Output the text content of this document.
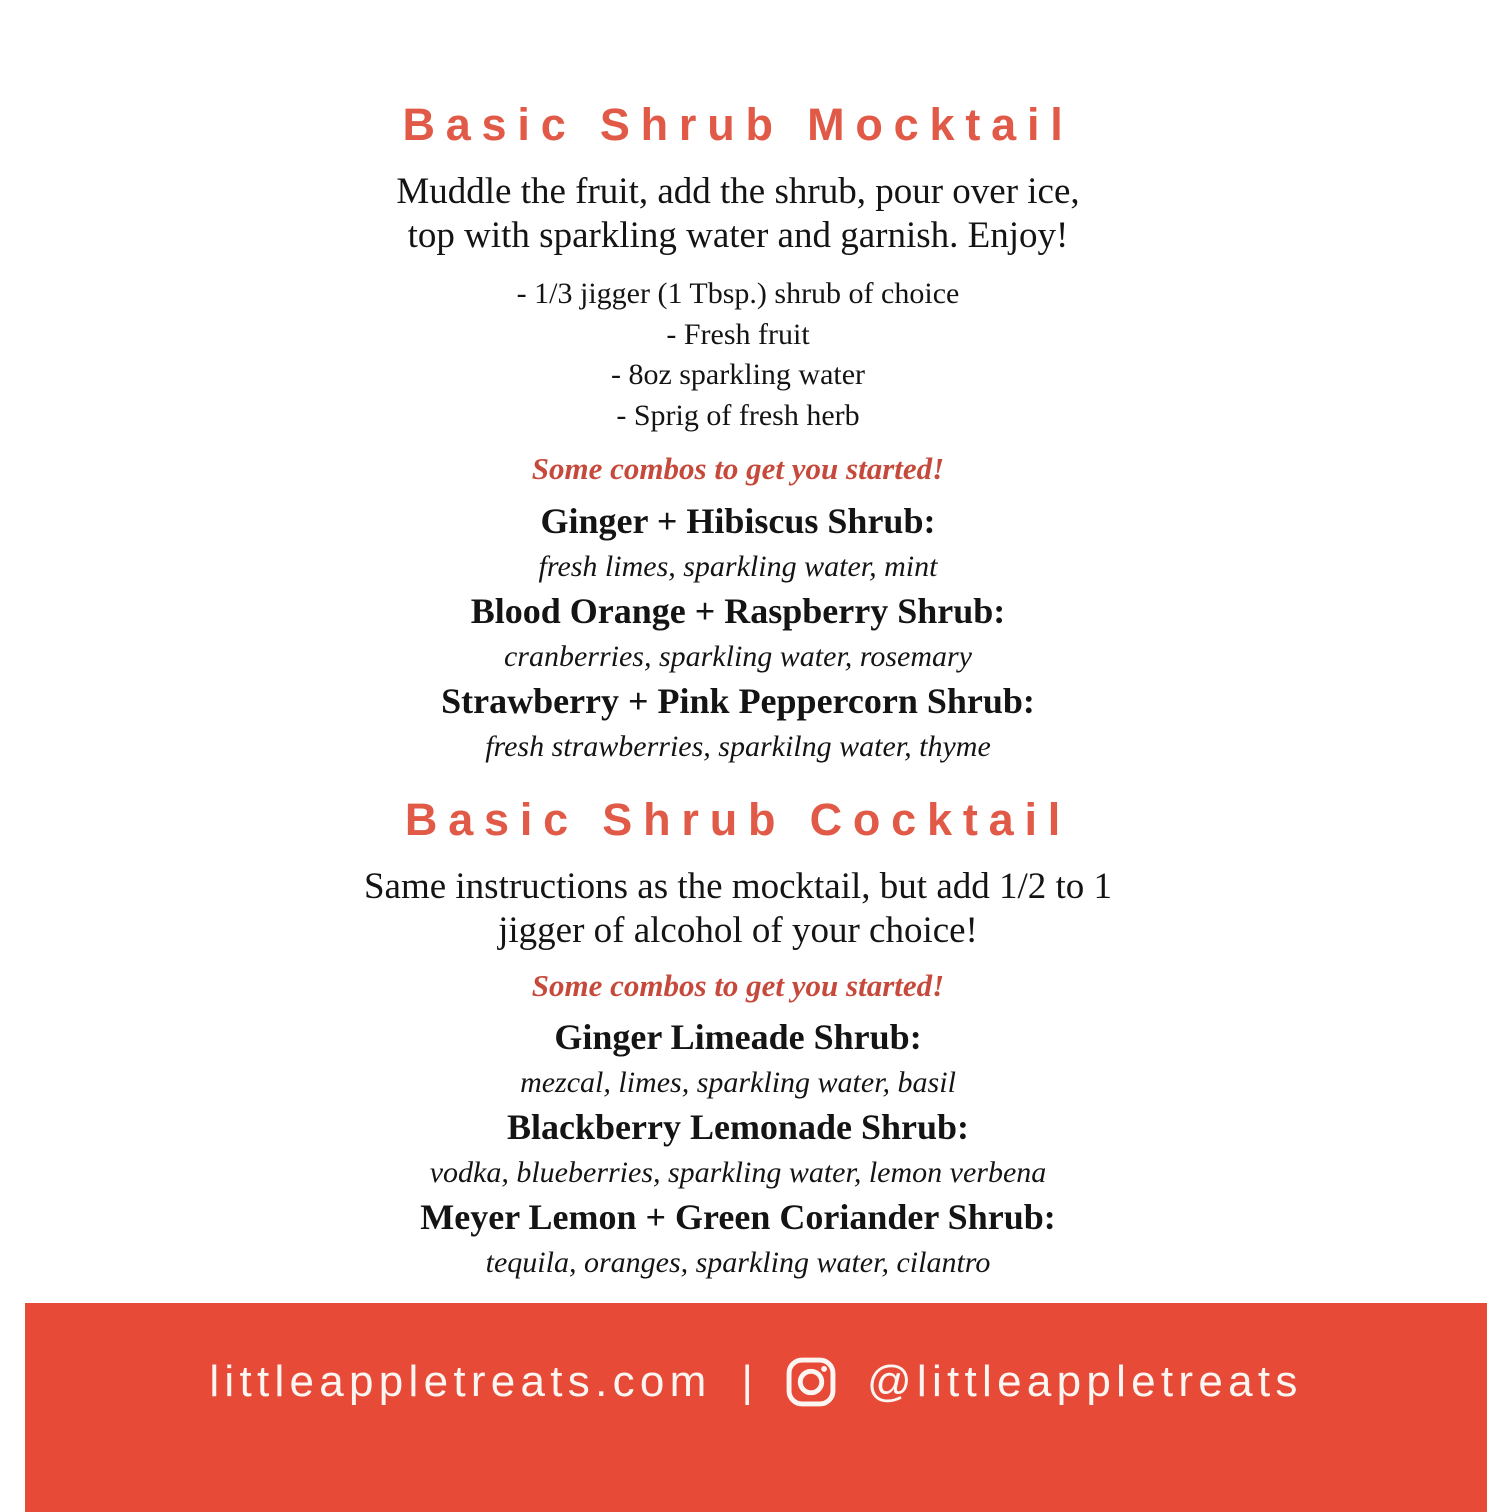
Basic Shrub Mocktail

Muddle the fruit, add the shrub, pour over ice,
top with sparkling water and garnish. Enjoy!

- 1/3 jigger (1 Tbsp.) shrub of choice
- Fresh fruit
- 8oz sparkling water
- Sprig of fresh herb

Some combos to get you started!

Ginger + Hibiscus Shrub:
fresh limes, sparkling water, mint
Blood Orange + Raspberry Shrub:
cranberries, sparkling water, rosemary
Strawberry + Pink Peppercorn Shrub:
fresh strawberries, sparkilng water, thyme
Basic Shrub Cocktail

Same instructions as the mocktail, but add 1/2 to 1
jigger of alcohol of your choice!

Some combos to get you started!

Ginger Limeade Shrub:
mezcal, limes, sparkling water, basil
Blackberry Lemonade Shrub:
vodka, blueberries, sparkling water, lemon verbena
Meyer Lemon + Green Coriander Shrub:
tequila, oranges, sparkling water, cilantro
littleappletreats.com |	@littleappletreats
